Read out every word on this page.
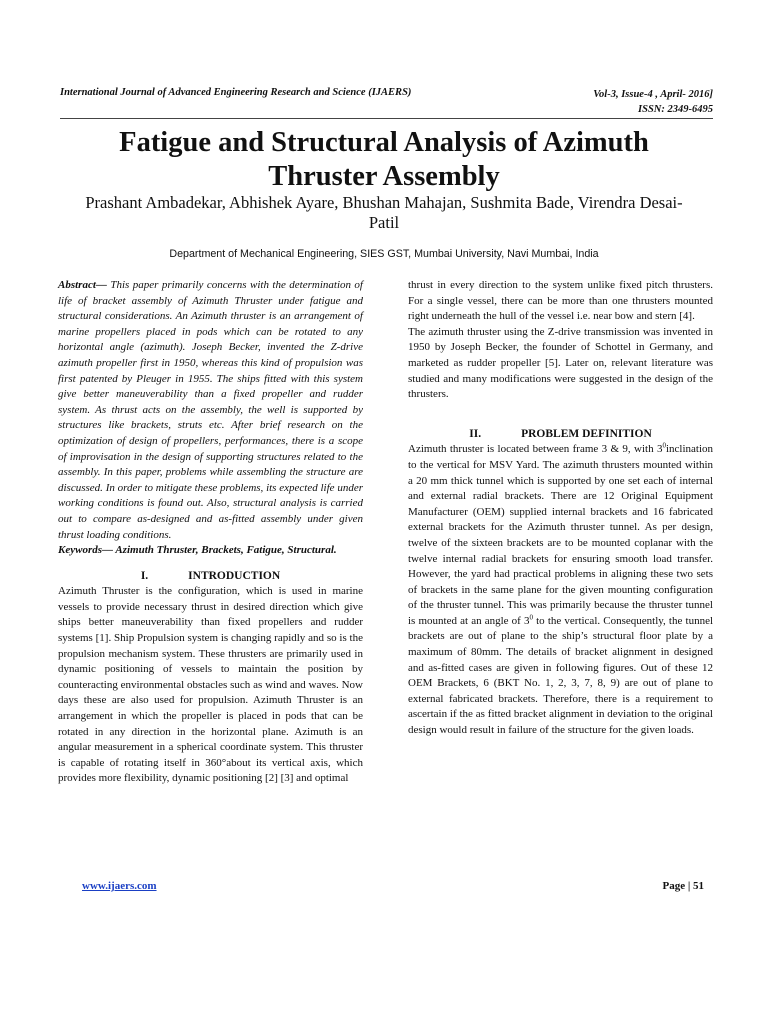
International Journal of Advanced Engineering Research and Science (IJAERS)	Vol-3, Issue-4 , April- 2016]
ISSN: 2349-6495
Fatigue and Structural Analysis of Azimuth
Thruster Assembly
Prashant Ambadekar, Abhishek Ayare, Bhushan Mahajan, Sushmita Bade, Virendra Desai-
Patil
Department of Mechanical Engineering, SIES GST, Mumbai University, Navi Mumbai, India

Abstract— This paper primarily concerns with the determination of life of bracket assembly of Azimuth Thruster under fatigue and structural considerations. An Azimuth thruster is an arrangement of marine propellers placed in pods which can be rotated to any horizontal angle (azimuth). Joseph Becker, invented the Z-drive azimuth propeller first in 1950, whereas this kind of propulsion was first patented by Pleuger in 1955. The ships fitted with this system give better maneuverability than a fixed propeller and rudder system. As thrust acts on the assembly, the well is supported by structures like brackets, struts etc. After brief research on the optimization of design of propellers, performances, there is a scope of improvisation in the design of supporting structures related to the assembly. In this paper, problems while assembling the structure are discussed. In order to mitigate these problems, its expected life under working conditions is found out. Also, structural analysis is carried out to compare as-designed and as-fitted assembly under given thrust loading conditions.

Keywords— Azimuth Thruster, Brackets, Fatigue, Structural.

I.	INTRODUCTION

Azimuth Thruster is the configuration, which is used in marine vessels to provide necessary thrust in desired direction which give ships better maneuverability than fixed propellers and rudder systems [1]. Ship Propulsion system is changing rapidly and so is the propulsion mechanism system. These thrusters are primarily used in dynamic positioning of vessels to maintain the position by counteracting environmental obstacles such as wind and waves. Now days these are also used for propulsion. Azimuth Thruster is an arrangement in which the propeller is placed in pods that can be rotated in any direction in the horizontal plane. Azimuth is an angular measurement in a spherical coordinate system. This thruster is capable of rotating itself in 360°about its vertical axis, which provides more flexibility, dynamic positioning [2] [3] and optimal

thrust in every direction to the system unlike fixed pitch thrusters. For a single vessel, there can be more than one thrusters mounted right underneath the hull of the vessel i.e. near bow and stern [4].

The azimuth thruster using the Z-drive transmission was invented in 1950 by Joseph Becker, the founder of Schottel in Germany, and marketed as rudder propeller [5]. Later on, relevant literature was studied and many modifications were suggested in the design of the thrusters.

II.	PROBLEM DEFINITION

Azimuth thruster is located between frame 3 & 9, with $3^0inclination$ to the vertical for MSV Yard. The azimuth thrusters mounted within a 20 mm thick tunnel which is supported by one set each of internal and external radial brackets. There are 12 Original Equipment Manufacturer (OEM) supplied internal brackets and 16 fabricated external brackets for the Azimuth thruster tunnel. As per design, twelve of the sixteen brackets are to be mounted coplanar with the twelve internal radial brackets for ensuring smooth load transfer. However, the yard had practical problems in aligning these two sets of brackets in the same plane for the given mounting configuration of the thruster tunnel. This was primarily because the thruster tunnel is mounted at an angle of $3^0$ to the vertical. Consequently, the tunnel brackets are out of plane to the ship’s structural floor plate by a maximum of 80mm. The details of bracket alignment in designed and as-fitted cases are given in following figures. Out of these 12 OEM Brackets, 6 (BKT No. 1, 2, 3, 7, 8, 9) are out of plane to external fabricated brackets. Therefore, there is a requirement to ascertain if the as fitted bracket alignment in deviation to the original design would result in failure of the structure for the given loads.

www.ijaers.com	Page | 51
